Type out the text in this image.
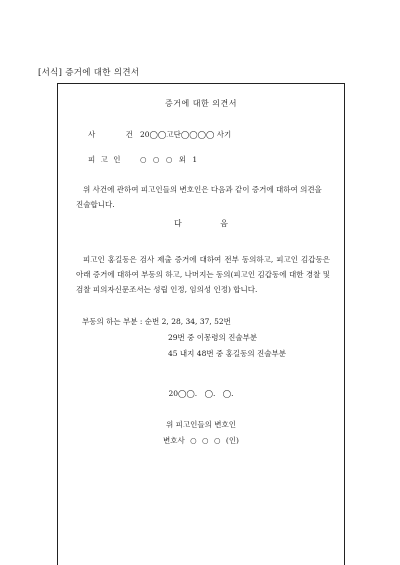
[서식] 증거에 대한 의견서
증거에 대한 의견서
사 건
20◯◯고단◯◯◯◯ 사기
피 고 인 ○ ○ ○ 외 1
위 사건에 관하여 피고인들의 변호인은 다음과 같이 증거에 대하여 의견을 진술합니다.
다 음
피고인 홍길동은 검사 제출 증거에 대하여 전부 동의하고, 피고인 김갑동은 아래 증거에 대하여 부동의 하고, 나머지는 동의(피고인 김갑동에 대한 경찰 및 검찰 피의자신문조서는 성립 인정, 임의성 인정) 합니다.
부동의 하는 부분 : 순번 2, 28, 34, 37, 52번
29번 중 이몽령의 진술부분
45 내지 48번 중 홍길동의 진술부분
20◯◯. ◯. ◯.
위 피고인들의 변호인
변호사 ○ ○ ○ (인)
